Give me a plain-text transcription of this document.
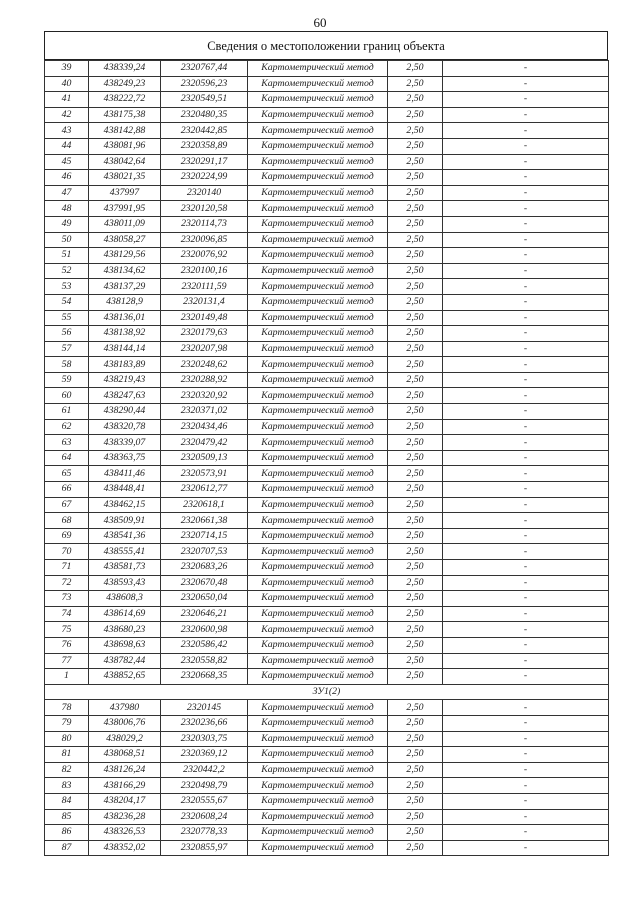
60
Сведения о местоположении границ объекта
39	438339,24	2320767,44	Картометрический метод	2,50	-
40	438249,23	2320596,23	Картометрический метод	2,50	-
41	438222,72	2320549,51	Картометрический метод	2,50	-
42	438175,38	2320480,35	Картометрический метод	2,50	-
43	438142,88	2320442,85	Картометрический метод	2,50	-
44	438081,96	2320358,89	Картометрический метод	2,50	-
45	438042,64	2320291,17	Картометрический метод	2,50	-
46	438021,35	2320224,99	Картометрический метод	2,50	-
47	437997	2320140	Картометрический метод	2,50	-
48	437991,95	2320120,58	Картометрический метод	2,50	-
49	438011,09	2320114,73	Картометрический метод	2,50	-
50	438058,27	2320096,85	Картометрический метод	2,50	-
51	438129,56	2320076,92	Картометрический метод	2,50	-
52	438134,62	2320100,16	Картометрический метод	2,50	-
53	438137,29	2320111,59	Картометрический метод	2,50	-
54	438128,9	2320131,4	Картометрический метод	2,50	-
55	438136,01	2320149,48	Картометрический метод	2,50	-
56	438138,92	2320179,63	Картометрический метод	2,50	-
57	438144,14	2320207,98	Картометрический метод	2,50	-
58	438183,89	2320248,62	Картометрический метод	2,50	-
59	438219,43	2320288,92	Картометрический метод	2,50	-
60	438247,63	2320320,92	Картометрический метод	2,50	-
61	438290,44	2320371,02	Картометрический метод	2,50	-
62	438320,78	2320434,46	Картометрический метод	2,50	-
63	438339,07	2320479,42	Картометрический метод	2,50	-
64	438363,75	2320509,13	Картометрический метод	2,50	-
65	438411,46	2320573,91	Картометрический метод	2,50	-
66	438448,41	2320612,77	Картометрический метод	2,50	-
67	438462,15	2320618,1	Картометрический метод	2,50	-
68	438509,91	2320661,38	Картометрический метод	2,50	-
69	438541,36	2320714,15	Картометрический метод	2,50	-
70	438555,41	2320707,53	Картометрический метод	2,50	-
71	438581,73	2320683,26	Картометрический метод	2,50	-
72	438593,43	2320670,48	Картометрический метод	2,50	-
73	438608,3	2320650,04	Картометрический метод	2,50	-
74	438614,69	2320646,21	Картометрический метод	2,50	-
75	438680,23	2320600,98	Картометрический метод	2,50	-
76	438698,63	2320586,42	Картометрический метод	2,50	-
77	438782,44	2320558,82	Картометрический метод	2,50	-
1	438852,65	2320668,35	Картометрический метод	2,50	-
ЗУ1(2)					
78	437980	2320145	Картометрический метод	2,50	-
79	438006,76	2320236,66	Картометрический метод	2,50	-
80	438029,2	2320303,75	Картометрический метод	2,50	-
81	438068,51	2320369,12	Картометрический метод	2,50	-
82	438126,24	2320442,2	Картометрический метод	2,50	-
83	438166,29	2320498,79	Картометрический метод	2,50	-
84	438204,17	2320555,67	Картометрический метод	2,50	-
85	438236,28	2320608,24	Картометрический метод	2,50	-
86	438326,53	2320778,33	Картометрический метод	2,50	-
87	438352,02	2320855,97	Картометрический метод	2,50	-
